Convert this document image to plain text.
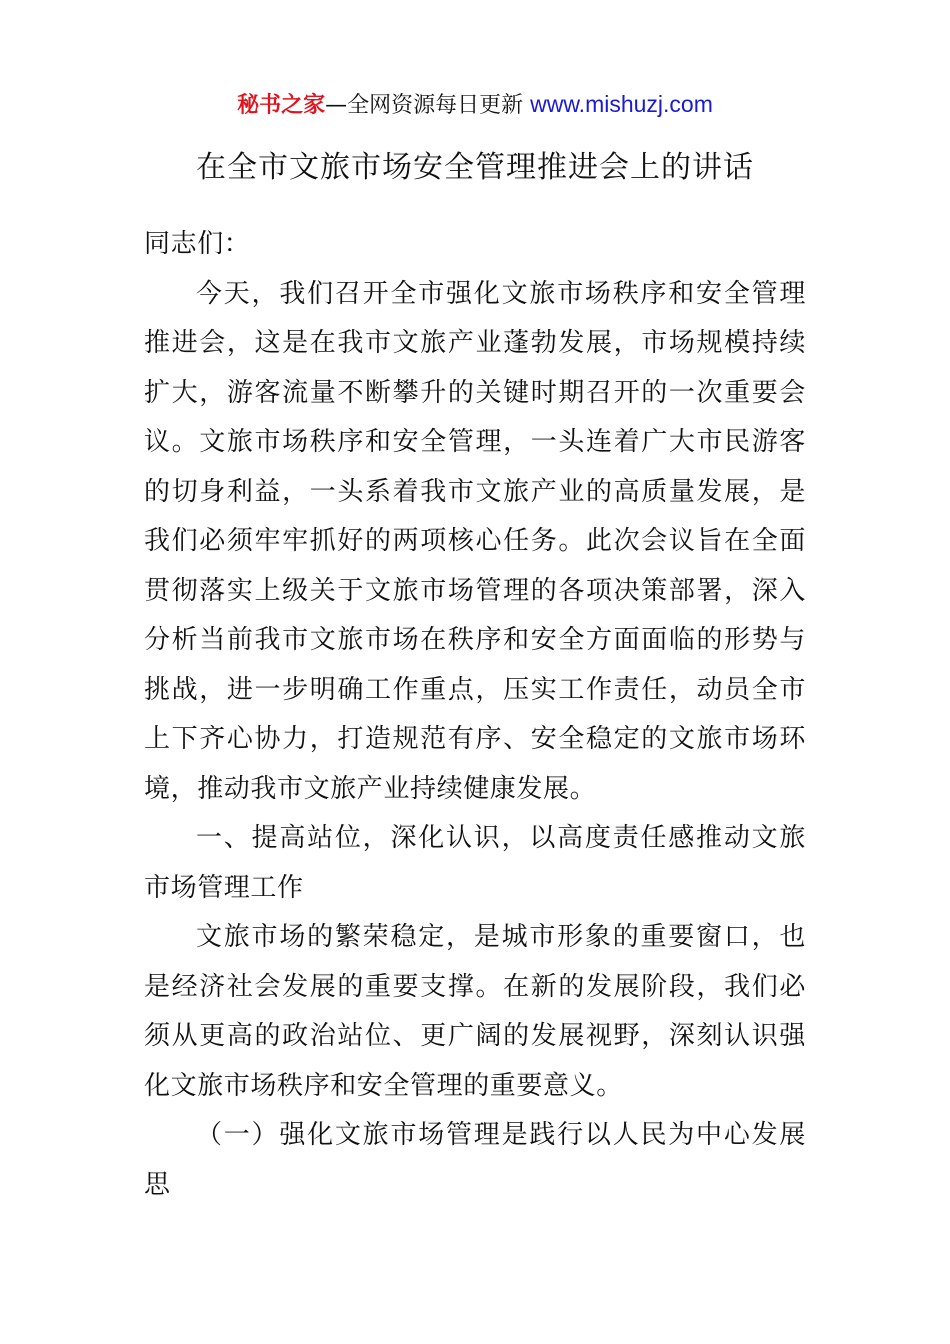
秘书之家—全网资源每日更新 www.mishuzj.com
在全市文旅市场安全管理推进会上的讲话

同志们：

今天，我们召开全市强化文旅市场秩序和安全管理推进会，这是在我市文旅产业蓬勃发展，市场规模持续扩大，游客流量不断攀升的关键时期召开的一次重要会议。文旅市场秩序和安全管理，一头连着广大市民游客的切身利益，一头系着我市文旅产业的高质量发展，是我们必须牢牢抓好的两项核心任务。此次会议旨在全面贯彻落实上级关于文旅市场管理的各项决策部署，深入分析当前我市文旅市场在秩序和安全方面面临的形势与挑战，进一步明确工作重点，压实工作责任，动员全市上下齐心协力，打造规范有序、安全稳定的文旅市场环境，推动我市文旅产业持续健康发展。

一、提高站位，深化认识，以高度责任感推动文旅市场管理工作

文旅市场的繁荣稳定，是城市形象的重要窗口，也是经济社会发展的重要支撑。在新的发展阶段，我们必须从更高的政治站位、更广阔的发展视野，深刻认识强化文旅市场秩序和安全管理的重要意义。

（一）强化文旅市场管理是践行以人民为中心发展思
